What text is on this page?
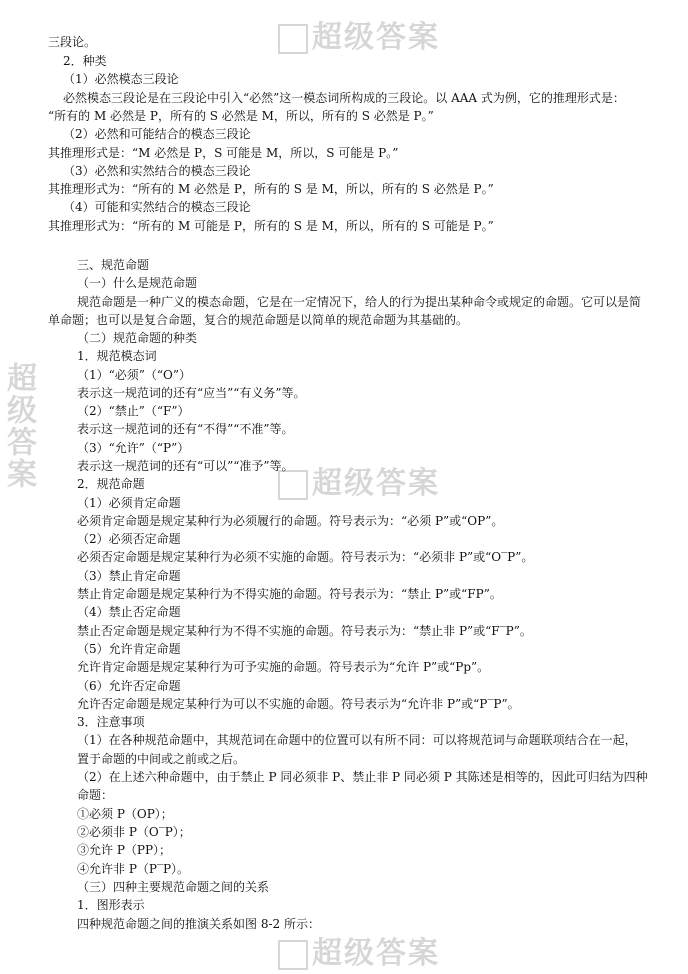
超级答案
超级答案
超级答案
超级答案
三段论。
2．种类
（1）必然模态三段论
必然模态三段论是在三段论中引入“必然”这一模态词所构成的三段论。以 AAA 式为例，它的推理形式是：
“所有的 M 必然是 P，所有的 S 必然是 M，所以，所有的 S 必然是 P。”
（2）必然和可能结合的模态三段论
其推理形式是：“M 必然是 P，S 可能是 M，所以，S 可能是 P。”
（3）必然和实然结合的模态三段论
其推理形式为：“所有的 M 必然是 P，所有的 S 是 M，所以，所有的 S 必然是 P。”
（4）可能和实然结合的模态三段论
其推理形式为：“所有的 M 可能是 P，所有的 S 是 M，所以，所有的 S 可能是 P。”
三、规范命题
（一）什么是规范命题
规范命题是一种广义的模态命题，它是在一定情况下，给人的行为提出某种命令或规定的命题。它可以是简
单命题；也可以是复合命题，复合的规范命题是以简单的规范命题为其基础的。
（二）规范命题的种类
1．规范模态词
（1）“必须”（“O”）
表示这一规范词的还有“应当”“有义务”等。
（2）“禁止”（“F”）
表示这一规范词的还有“不得”“不准”等。
（3）“允许”（“P”）
表示这一规范词的还有“可以”“准予”等。
2．规范命题
（1）必须肯定命题
必须肯定命题是规定某种行为必须履行的命题。符号表示为：“必须 P”或“OP”。
（2）必须否定命题
必须否定命题是规定某种行为必须不实施的命题。符号表示为：“必须非 P”或“O‾P”。
（3）禁止肯定命题
禁止肯定命题是规定某种行为不得实施的命题。符号表示为：“禁止 P”或“FP”。
（4）禁止否定命题
禁止否定命题是规定某种行为不得不实施的命题。符号表示为：“禁止非 P”或“F‾P”。
（5）允许肯定命题
允许肯定命题是规定某种行为可予实施的命题。符号表示为“允许 P”或“Pp”。
（6）允许否定命题
允许否定命题是规定某种行为可以不实施的命题。符号表示为“允许非 P”或“P‾P”。
3．注意事项
（1）在各种规范命题中，其规范词在命题中的位置可以有所不同：可以将规范词与命题联项结合在一起，
置于命题的中间或之前或之后。
（2）在上述六种命题中，由于禁止 P 同必须非 P、禁止非 P 同必须 P 其陈述是相等的，因此可归结为四种
命题：
①必须 P（OP）；
②必须非 P（O‾P）；
③允许 P（PP）；
④允许非 P（P‾P）。
（三）四种主要规范命题之间的关系
1．图形表示
四种规范命题之间的推演关系如图 8-2 所示：
